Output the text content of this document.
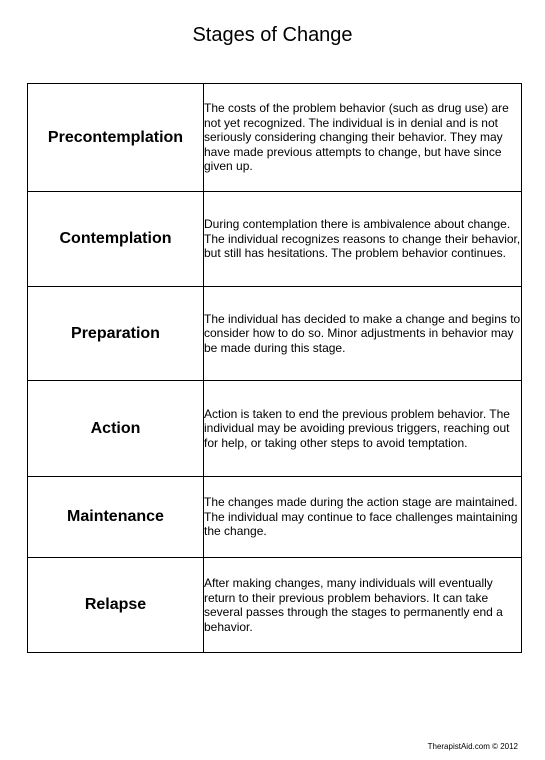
Stages of Change
Precontemplation	The costs of the problem behavior (such as drug use) are not yet recognized. The individual is in denial and is not seriously considering changing their behavior. They may have made previous attempts to change, but have since given up.
Contemplation	During contemplation there is ambivalence about change. The individual recognizes reasons to change their behavior, but still has hesitations. The problem behavior continues.
Preparation	The individual has decided to make a change and begins to consider how to do so. Minor adjustments in behavior may be made during this stage.
Action	Action is taken to end the previous problem behavior. The individual may be avoiding previous triggers, reaching out for help, or taking other steps to avoid temptation.
Maintenance	The changes made during the action stage are maintained. The individual may continue to face challenges maintaining the change.
Relapse	After making changes, many individuals will eventually return to their previous problem behaviors. It can take several passes through the stages to permanently end a behavior.
TherapistAid.com © 2012
